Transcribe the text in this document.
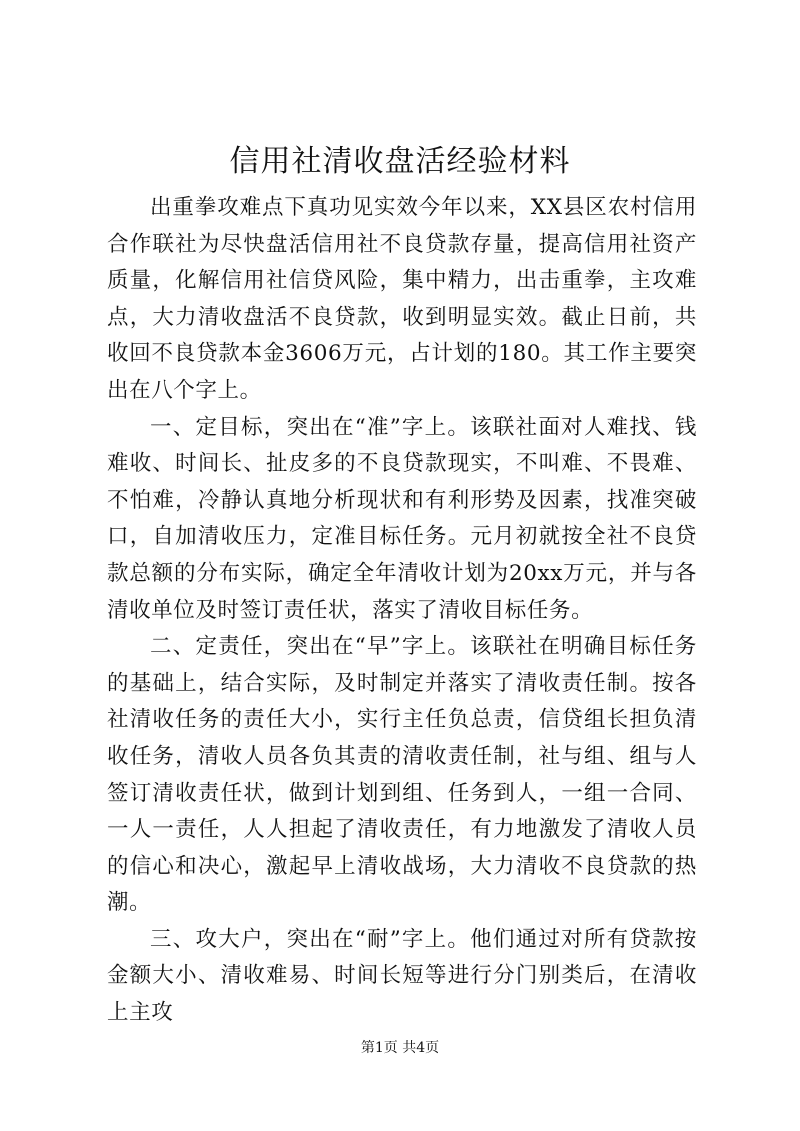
信用社清收盘活经验材料

出重拳攻难点下真功见实效今年以来，XX县区农村信用合作联社为尽快盘活信用社不良贷款存量，提高信用社资产质量，化解信用社信贷风险，集中精力，出击重拳，主攻难点，大力清收盘活不良贷款，收到明显实效。截止日前，共收回不良贷款本金3606万元，占计划的180。其工作主要突出在八个字上。

一、定目标，突出在“准”字上。该联社面对人难找、钱难收、时间长、扯皮多的不良贷款现实，不叫难、不畏难、不怕难，冷静认真地分析现状和有利形势及因素，找准突破口，自加清收压力，定准目标任务。元月初就按全社不良贷款总额的分布实际，确定全年清收计划为20xx万元，并与各清收单位及时签订责任状，落实了清收目标任务。

二、定责任，突出在“早”字上。该联社在明确目标任务的基础上，结合实际，及时制定并落实了清收责任制。按各社清收任务的责任大小，实行主任负总责，信贷组长担负清收任务，清收人员各负其责的清收责任制，社与组、组与人签订清收责任状，做到计划到组、任务到人，一组一合同、一人一责任，人人担起了清收责任，有力地激发了清收人员的信心和决心，激起早上清收战场，大力清收不良贷款的热潮。

三、攻大户，突出在“耐”字上。他们通过对所有贷款按金额大小、清收难易、时间长短等进行分门别类后，在清收上主攻

第1页 共4页
